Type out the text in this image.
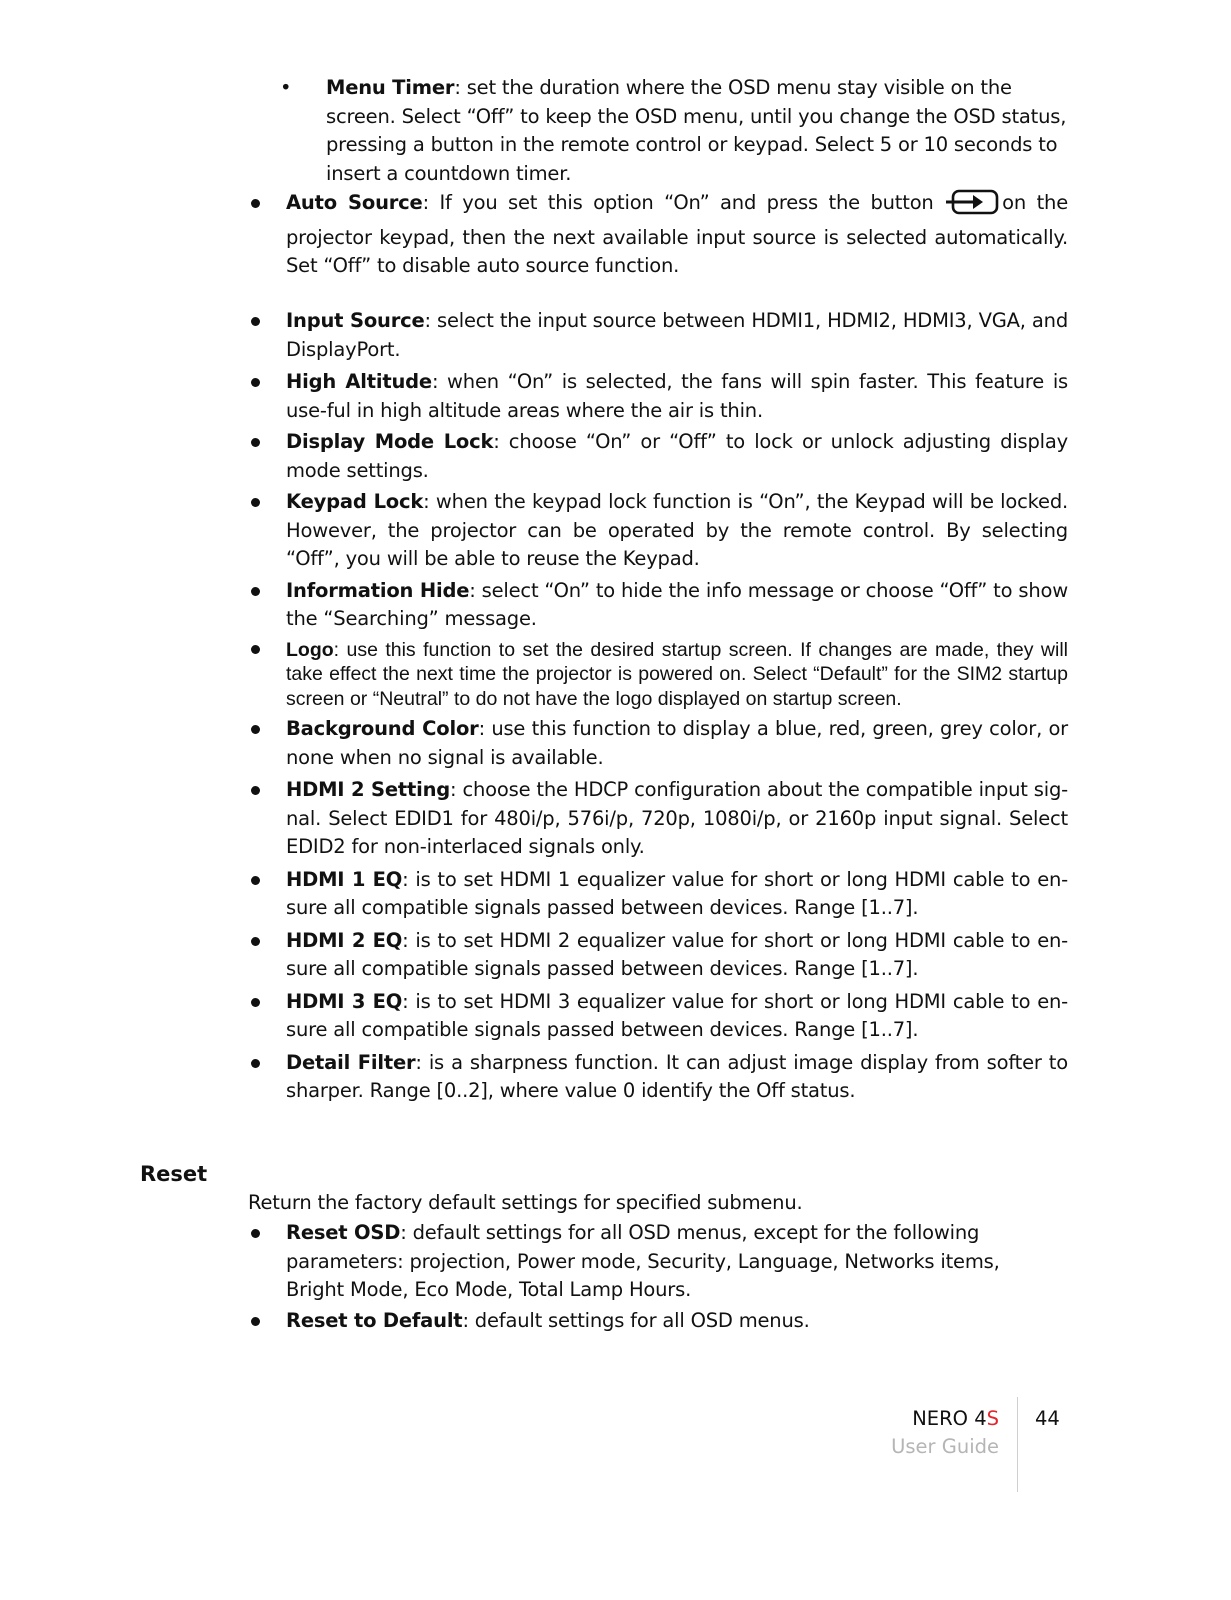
• Menu Timer: set the duration where the OSD menu stay visible on the screen. Select “Off” to keep the OSD menu, until you change the OSD status, pressing a button in the remote control or keypad. Select 5 or 10 seconds to insert a countdown timer.
Auto Source: If you set this option “On” and press the button	on the projector keypad, then the next available input source is selected automatically. Set “Off” to disable auto source function.
Input Source: select the input source between HDMI1, HDMI2, HDMI3, VGA, and DisplayPort.
High Altitude: when “On” is selected, the fans will spin faster. This feature is use-ful in high altitude areas where the air is thin.
Display Mode Lock: choose “On” or “Off” to lock or unlock adjusting display mode settings.
Keypad Lock: when the keypad lock function is “On”, the Keypad will be locked. However, the projector can be operated by the remote control. By selecting “Off”, you will be able to reuse the Keypad.
Information Hide: select “On” to hide the info message or choose “Off” to show the “Searching” message.
Logo: use this function to set the desired startup screen. If changes are made, they will take effect the next time the projector is powered on. Select “Default” for the SIM2 startup screen or “Neutral” to do not have the logo displayed on startup screen.
Background Color: use this function to display a blue, red, green, grey color, or none when no signal is available.
HDMI 2 Setting: choose the HDCP configuration about the compatible input sig-nal. Select EDID1 for 480i/p, 576i/p, 720p, 1080i/p, or 2160p input signal. Select EDID2 for non-interlaced signals only.
HDMI 1 EQ: is to set HDMI 1 equalizer value for short or long HDMI cable to en-sure all compatible signals passed between devices. Range [1..7].
HDMI 2 EQ: is to set HDMI 2 equalizer value for short or long HDMI cable to en-sure all compatible signals passed between devices. Range [1..7].
HDMI 3 EQ: is to set HDMI 3 equalizer value for short or long HDMI cable to en-sure all compatible signals passed between devices. Range [1..7].
Detail Filter: is a sharpness function. It can adjust image display from softer to sharper. Range [0..2], where value 0 identify the Off status.
Reset
Return the factory default settings for specified submenu.
Reset OSD: default settings for all OSD menus, except for the following parameters: projection, Power mode, Security, Language, Networks items, Bright Mode, Eco Mode, Total Lamp Hours.
Reset to Default: default settings for all OSD menus.
NERO 4S
User Guide
44
